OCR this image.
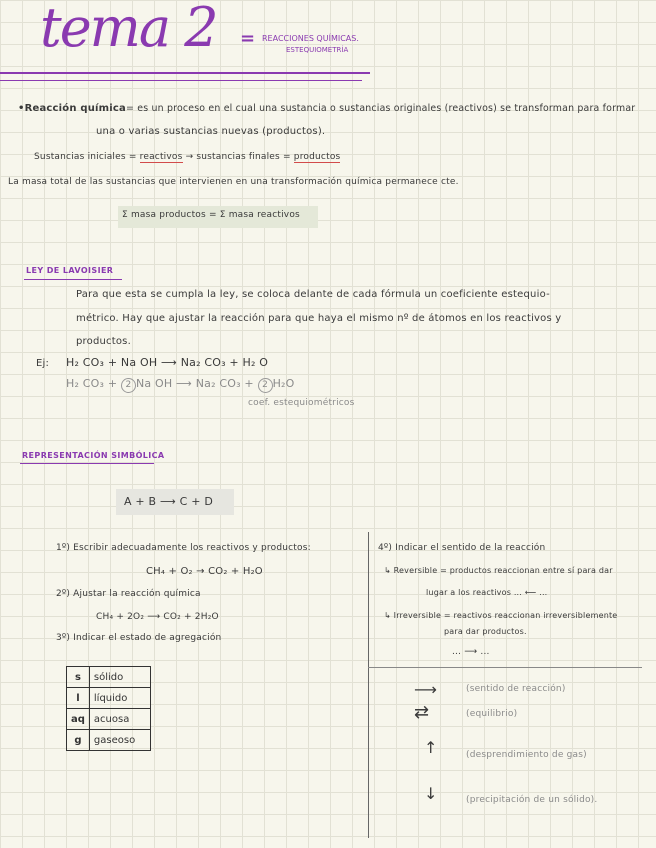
tema 2 = REACCIONES QUÍMICAS.
ESTEQUIOMETRÍA
•Reacción química= es un proceso en el cual una sustancia o sustancias originales (reactivos) se transforman para formar
una o varias sustancias nuevas (productos).
Sustancias iniciales = reactivos → sustancias finales = productos
La masa total de las sustancias que intervienen en una transformación química permanece cte.
Σ masa productos = Σ masa reactivos
LEY DE LAVOISIER
Para que esta se cumpla la ley, se coloca delante de cada fórmula un coeficiente estequio-
métrico. Hay que ajustar la reacción para que haya el mismo nº de átomos en los reactivos y
productos.
Ej: H₂ CO₃ + Na OH ⟶ Na₂ CO₃ + H₂ O
H₂ CO₃ + 2 Na OH ⟶ Na₂ CO₃ + 2 H₂O
coef. estequiométricos
REPRESENTACIÓN SIMBÓLICA
A + B ⟶ C + D
1º) Escribir adecuadamente los reactivos y productos:
CH₄ + O₂ → CO₂ + H₂O
2º) Ajustar la reacción química
CH₄ + 2O₂ ⟶ CO₂ + 2H₂O
3º) Indicar el estado de agregación
s	sólido
l	líquido
aq	acuosa
g	gaseoso
4º) Indicar el sentido de la reacción
↳ Reversible = productos reaccionan entre sí para dar
lugar a los reactivos ... ⟵ ...
↳ Irreversible = reactivos reaccionan irreversiblemente
para dar productos.
... ⟶ ...
⟶	(sentido de reacción)
⇄	(equilibrio)
↑	(desprendimiento de gas)
↓	(precipitación de un sólido).
